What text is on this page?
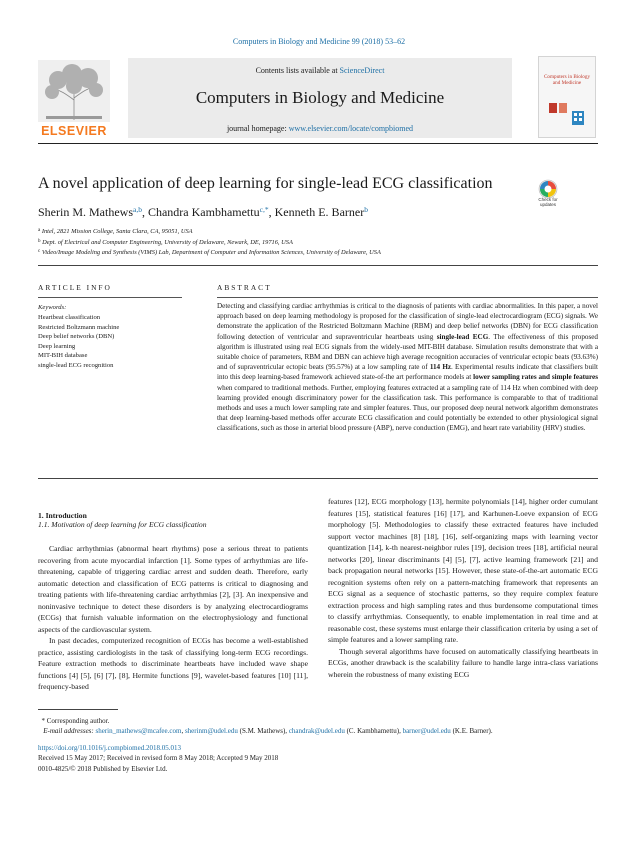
Computers in Biology and Medicine 99 (2018) 53–62
ELSEVIER
Contents lists available at ScienceDirect
Computers in Biology and Medicine
journal homepage: www.elsevier.com/locate/compbiomed
Computers in Biology and Medicine
A novel application of deep learning for single-lead ECG classification
Check for updates
Sherin M. Mathews$^{a,b}$, Chandra Kambhamettu$^{c,*}$, Kenneth E. Barner$^b$
$^a$ Intel, 2821 Mission College, Santa Clara, CA, 95051, USA
$^b$ Dept. of Electrical and Computer Engineering, University of Delaware, Newark, DE, 19716, USA
$^c$ Video/Image Modeling and Synthesis (VIMS) Lab, Department of Computer and Information Sciences, University of Delaware, USA
ARTICLE INFO	ABSTRACT
Keywords:
Heartbeat classification
Restricted Boltzmann machine
Deep belief networks (DBN)
Deep learning
MIT-BIH database
single-lead ECG recognition
Detecting and classifying cardiac arrhythmias is critical to the diagnosis of patients with cardiac abnormalities. In this paper, a novel approach based on deep learning methodology is proposed for the classification of single-lead electrocardiogram (ECG) signals. We demonstrate the application of the Restricted Boltzmann Machine (RBM) and deep belief networks (DBN) for ECG classification following detection of ventricular and supraventricular heartbeats using single-lead ECG. The effectiveness of this proposed algorithm is illustrated using real ECG signals from the widely-used MIT-BIH database. Simulation results demonstrate that with a suitable choice of parameters, RBM and DBN can achieve high average recognition accuracies of ventricular ectopic beats (93.63%) and of supraventricular ectopic beats (95.57%) at a low sampling rate of 114 Hz. Experimental results indicate that classifiers built into this deep learning-based framework achieved state-of-the art performance models at lower sampling rates and simple features when compared to traditional methods. Further, employing features extracted at a sampling rate of 114 Hz when combined with deep learning provided enough discriminatory power for the classification task. This performance is comparable to that of traditional methods and uses a much lower sampling rate and simpler features. Thus, our proposed deep neural network algorithm demonstrates that deep learning-based methods offer accurate ECG classification and could potentially be extended to other physiological signal classifications, such as those in arterial blood pressure (ABP), nerve conduction (EMG), and heart rate variability (HRV) studies.
1. Introduction
1.1. Motivation of deep learning for ECG classification

Cardiac arrhythmias (abnormal heart rhythms) pose a serious threat to patients recovering from acute myocardial infarction [1]. Some types of arrhythmias are life-threatening, capable of triggering cardiac arrest and sudden death. Therefore, early automatic detection and classification of ECG patterns is critical to diagnosing and treating patients with life-threatening cardiac arrhythmias [2], [3]. An inexpensive and noninvasive technique to detect these disorders is by analyzing electrocardiograms (ECGs) that furnish valuable information on the electrophysiology and functional aspects of the cardiovascular system.

In past decades, computerized recognition of ECGs has become a well-established practice, assisting cardiologists in the task of classifying long-term ECG recordings. Feature extraction methods to discriminate heartbeats have included wave shape functions [4] [5], [6] [7], [8], Hermite functions [9], wavelet-based features [10] [11], frequency-based

features [12], ECG morphology [13], hermite polynomials [14], higher order cumulant features [15], statistical features [16] [17], and Karhunen-Loeve expansion of ECG morphology [5]. Methodologies to classify these extracted features have included support vector machines [8] [18], [16], self-organizing maps with learning vector quantization [14], k-th nearest-neighbor rules [19], decision trees [18], artificial neural networks [20], linear discriminants [4] [5], [7], active learning framework [21] and back propagation neural networks [15]. However, these state-of-the-art automatic ECG recognition systems often rely on a pattern-matching framework that represents an ECG signal as a sequence of stochastic patterns, so they require complex feature extraction process and high sampling rates and thus burdensome computational times to classify arrhythmias. Consequently, to enable implementation in real time and at reasonable cost, these systems must enlarge their classification criteria by using a set of simple features and a lower sampling rate.

Though several algorithms have focused on automatically classifying heartbeats in ECGs, another drawback is the scalability failure to handle large intra-class variations wherein the robustness of many existing ECG

* Corresponding author.
E-mail addresses: sherin_mathews@mcafee.com, sherinm@udel.edu (S.M. Mathews), chandrak@udel.edu (C. Kambhamettu), barner@udel.edu (K.E. Barner).
https://doi.org/10.1016/j.compbiomed.2018.05.013
Received 15 May 2017; Received in revised form 8 May 2018; Accepted 9 May 2018
0010-4825/© 2018 Published by Elsevier Ltd.
